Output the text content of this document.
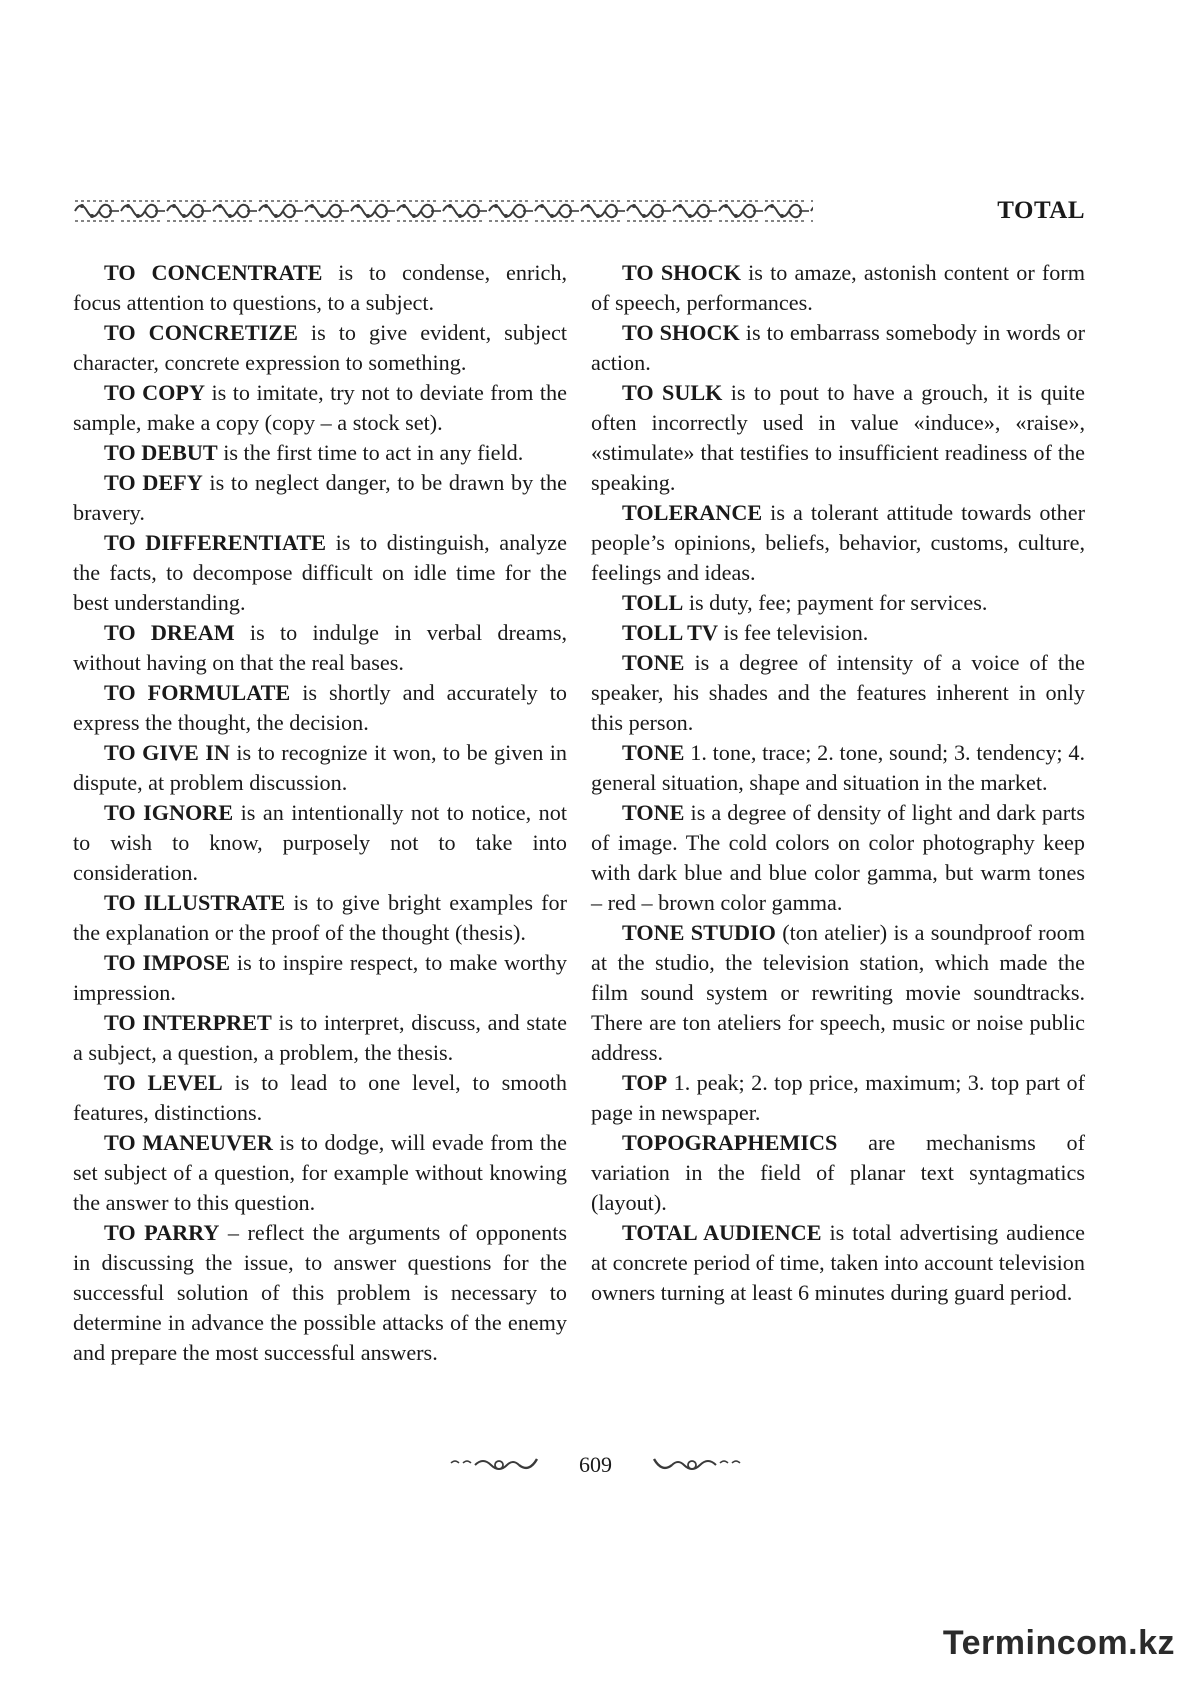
TOTAL

TO CONCENTRATE is to condense, enrich, focus attention to questions, to a subject.

TO CONCRETIZE is to give evident, subject character, concrete expression to something.

TO COPY is to imitate, try not to deviate from the sample, make a copy (copy – a stock set).

TO DEBUT is the first time to act in any field.

TO DEFY is to neglect danger, to be drawn by the bravery.

TO DIFFERENTIATE is to distinguish, analyze the facts, to decompose difficult on idle time for the best understanding.

TO DREAM is to indulge in verbal dreams, without having on that the real bases.

TO FORMULATE is shortly and accurately to express the thought, the decision.

TO GIVE IN is to recognize it won, to be given in dispute, at problem discussion.

TO IGNORE is an intentionally not to notice, not to wish to know, purposely not to take into consideration.

TO ILLUSTRATE is to give bright examples for the explanation or the proof of the thought (thesis).

TO IMPOSE is to inspire respect, to make worthy impression.

TO INTERPRET is to interpret, discuss, and state a subject, a question, a problem, the thesis.

TO LEVEL is to lead to one level, to smooth features, distinctions.

TO MANEUVER is to dodge, will evade from the set subject of a question, for example without knowing the answer to this question.

TO PARRY – reflect the arguments of opponents in discussing the issue, to answer questions for the successful solution of this problem is necessary to determine in advance the possible attacks of the enemy and prepare the most successful answers.

TO SHOCK is to amaze, astonish content or form of speech, performances.

TO SHOCK is to embarrass somebody in words or action.

TO SULK is to pout to have a grouch, it is quite often incorrectly used in value «induce», «raise», «stimulate» that testifies to insufficient readiness of the speaking.

TOLERANCE is a tolerant attitude towards other people’s opinions, beliefs, behavior, customs, culture, feelings and ideas.

TOLL is duty, fee; payment for services.

TOLL TV is fee television.

TONE is a degree of intensity of a voice of the speaker, his shades and the features inherent in only this person.

TONE 1. tone, trace; 2. tone, sound; 3. tendency; 4. general situation, shape and situation in the market.

TONE is a degree of density of light and dark parts of image. The cold colors on color photography keep with dark blue and blue color gamma, but warm tones – red – brown color gamma.

TONE STUDIO (ton atelier) is a soundproof room at the studio, the television station, which made the film sound system or rewriting movie soundtracks. There are ton ateliers for speech, music or noise public address.

TOP 1. peak; 2. top price, maximum; 3. top part of page in newspaper.

TOPOGRAPHEMICS are mechanisms of variation in the field of planar text syntagmatics (layout).

TOTAL AUDIENCE is total advertising audience at concrete period of time, taken into account television owners turning at least 6 minutes during guard period.

609
Termincom.kz
